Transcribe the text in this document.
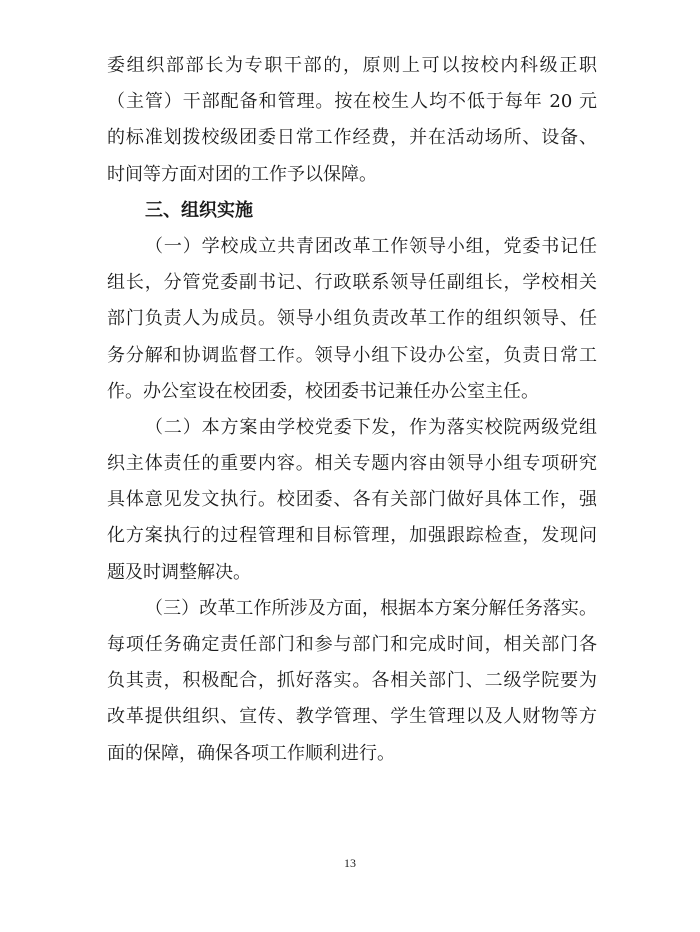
委组织部部长为专职干部的，原则上可以按校内科级正职
（主管）干部配备和管理。按在校生人均不低于每年 20 元
的标准划拨校级团委日常工作经费，并在活动场所、设备、
时间等方面对团的工作予以保障。
三、组织实施
（一）学校成立共青团改革工作领导小组，党委书记任
组长，分管党委副书记、行政联系领导任副组长，学校相关
部门负责人为成员。领导小组负责改革工作的组织领导、任
务分解和协调监督工作。领导小组下设办公室，负责日常工
作。办公室设在校团委，校团委书记兼任办公室主任。
（二）本方案由学校党委下发，作为落实校院两级党组
织主体责任的重要内容。相关专题内容由领导小组专项研究
具体意见发文执行。校团委、各有关部门做好具体工作，强
化方案执行的过程管理和目标管理，加强跟踪检查，发现问
题及时调整解决。
（三）改革工作所涉及方面，根据本方案分解任务落实。
每项任务确定责任部门和参与部门和完成时间，相关部门各
负其责，积极配合，抓好落实。各相关部门、二级学院要为
改革提供组织、宣传、教学管理、学生管理以及人财物等方
面的保障，确保各项工作顺利进行。
13
